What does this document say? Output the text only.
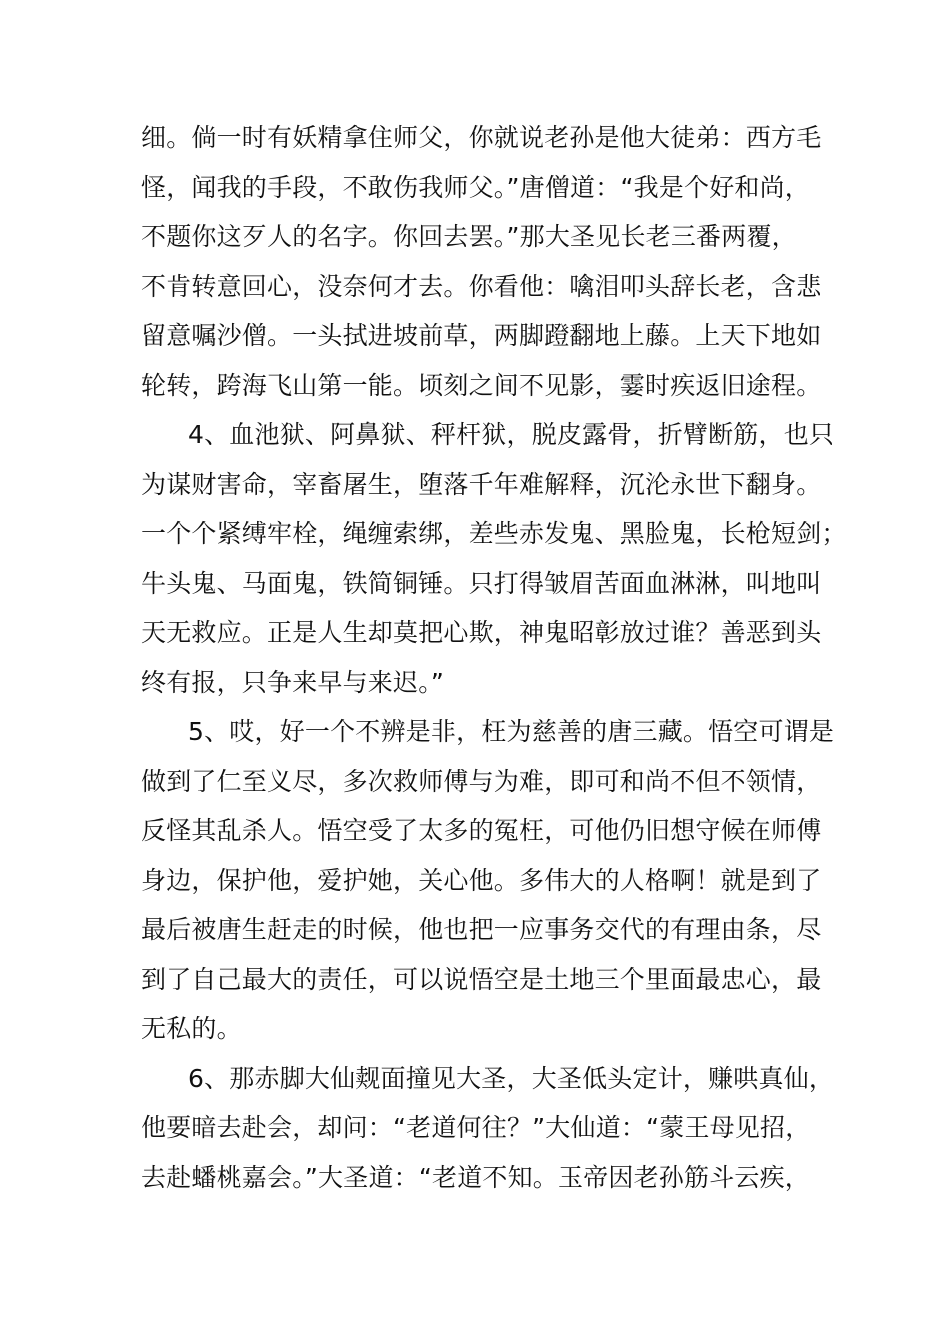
细。倘一时有妖精拿住师父，你就说老孙是他大徒弟：西方毛
怪，闻我的手段，不敢伤我师父。”唐僧道：“我是个好和尚，
不题你这歹人的名字。你回去罢。”那大圣见长老三番两覆，
不肯转意回心，没奈何才去。你看他：噙泪叩头辞长老，含悲
留意嘱沙僧。一头拭进坡前草，两脚蹬翻地上藤。上天下地如
轮转，跨海飞山第一能。顷刻之间不见影，霎时疾返旧途程。
4、血池狱、阿鼻狱、秤杆狱，脱皮露骨，折臂断筋，也只
为谋财害命，宰畜屠生，堕落千年难解释，沉沦永世下翻身。
一个个紧缚牢栓，绳缠索绑，差些赤发鬼、黑脸鬼，长枪短剑；
牛头鬼、马面鬼，铁简铜锤。只打得皱眉苦面血淋淋，叫地叫
天无救应。正是人生却莫把心欺，神鬼昭彰放过谁？善恶到头
终有报，只争来早与来迟。”
5、哎，好一个不辨是非，枉为慈善的唐三藏。悟空可谓是
做到了仁至义尽，多次救师傅与为难，即可和尚不但不领情，
反怪其乱杀人。悟空受了太多的冤枉，可他仍旧想守候在师傅
身边，保护他，爱护她，关心他。多伟大的人格啊！就是到了
最后被唐生赶走的时候，他也把一应事务交代的有理由条，尽
到了自己最大的责任，可以说悟空是土地三个里面最忠心，最
无私的。
6、那赤脚大仙觌面撞见大圣，大圣低头定计，赚哄真仙，
他要暗去赴会，却问：“老道何往？”大仙道：“蒙王母见招，
去赴蟠桃嘉会。”大圣道：“老道不知。玉帝因老孙筋斗云疾，
